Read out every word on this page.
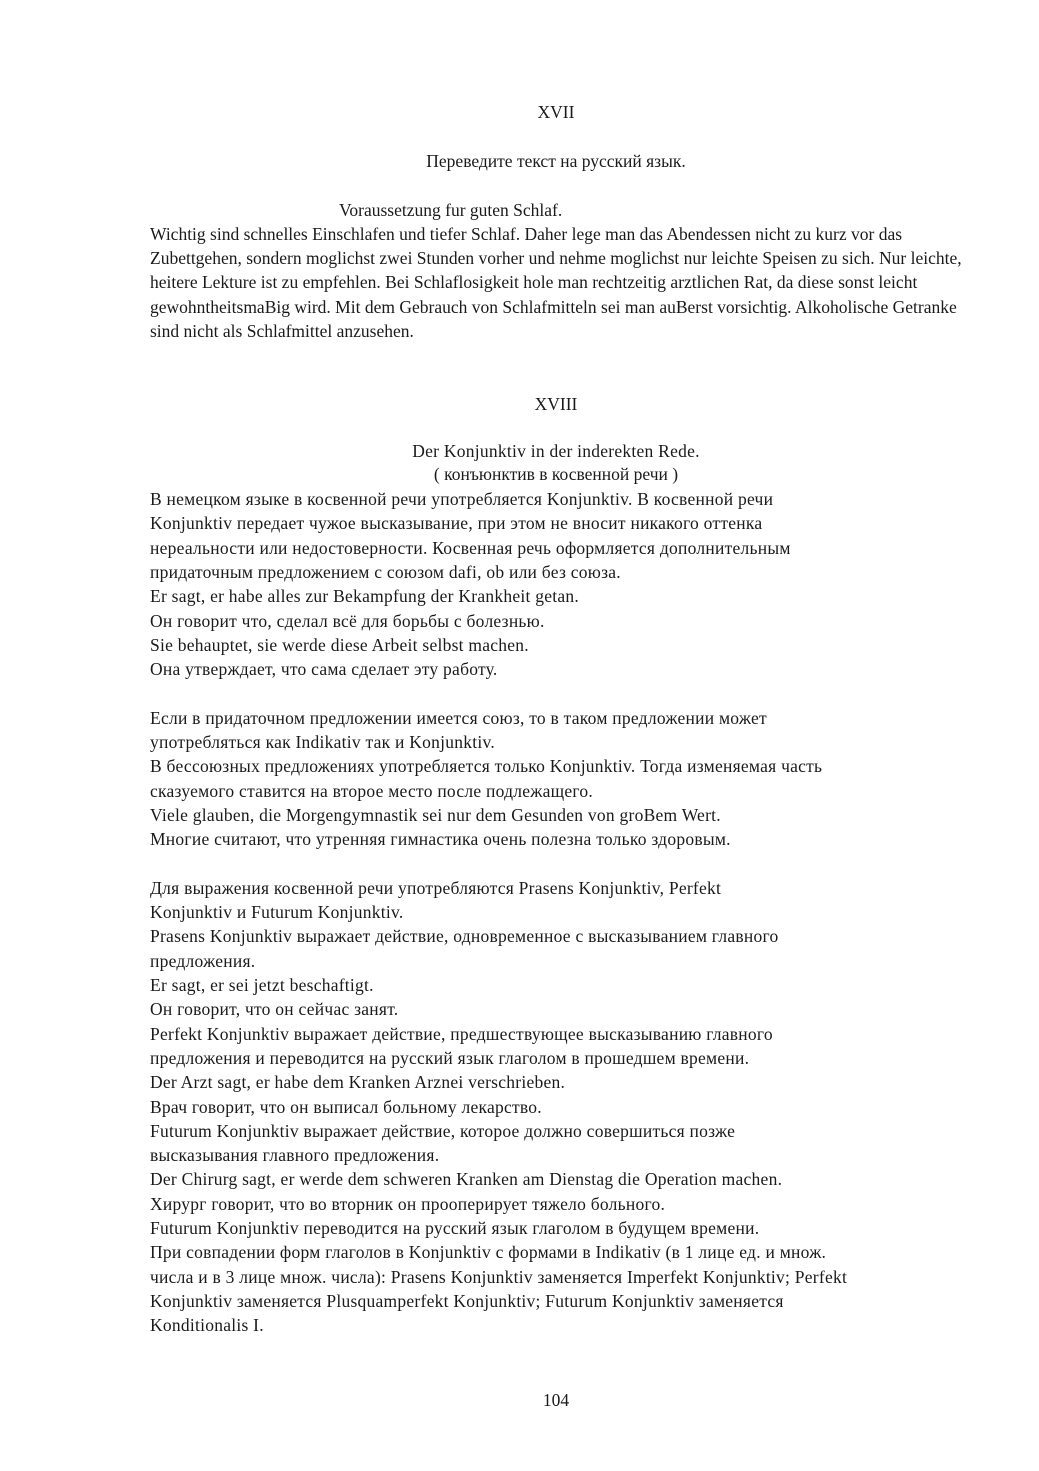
XVII
Переведите текст на русский язык.
Voraussetzung fur guten Schlaf.
Wichtig sind schnelles Einschlafen und tiefer Schlaf. Daher lege man das Abendessen nicht zu kurz vor das Zubettgehen, sondern moglichst zwei Stunden vorher und nehme moglichst nur leichte Speisen zu sich. Nur leichte, heitere Lekture ist zu empfehlen. Bei Schlaflosigkeit hole man rechtzeitig arztlichen Rat, da diese sonst leicht gewohntheitsmaBig wird. Mit dem Gebrauch von Schlafmitteln sei man auBerst vorsichtig. Alkoholische Getranke sind nicht als Schlafmittel anzusehen.
XVIII
Der Konjunktiv in der inderekten Rede.
( конъюнктив в косвенной речи )
В немецком языке в косвенной речи употребляется Konjunktiv. В косвенной речи
Konjunktiv передает чужое высказывание, при этом не вносит никакого оттенка
нереальности или недостоверности. Косвенная речь оформляется дополнительным
придаточным предложением с союзом dafi, ob или без союза.
Er sagt, er habe alles zur Bekampfung der Krankheit getan.
Он говорит что, сделал всё для борьбы с болезнью.
Sie behauptet, sie werde diese Arbeit selbst machen.
Она утверждает, что сама сделает эту работу.
Если в придаточном предложении имеется союз, то в таком предложении может
употребляться как Indikativ так и Konjunktiv.
В бессоюзных предложениях употребляется только Konjunktiv. Тогда изменяемая часть
сказуемого ставится на второе место после подлежащего.
Viele glauben, die Morgengymnastik sei nur dem Gesunden von groBem Wert.
Многие считают, что утренняя гимнастика очень полезна только здоровым.
Для выражения косвенной речи употребляются Prasens Konjunktiv, Perfekt
Konjunktiv и Futurum Konjunktiv.
Prasens Konjunktiv выражает действие, одновременное с высказыванием главного
предложения.
Er sagt, er sei jetzt beschaftigt.
Он говорит, что он сейчас занят.
Perfekt Konjunktiv выражает действие, предшествующее высказыванию главного
предложения и переводится на русский язык глаголом в прошедшем времени.
Der Arzt sagt, er habe dem Kranken Arznei verschrieben.
Врач говорит, что он выписал больному лекарство.
Futurum Konjunktiv выражает действие, которое должно совершиться позже
высказывания главного предложения.
Der Chirurg sagt, er werde dem schweren Kranken am Dienstag die Operation machen.
Хирург говорит, что во вторник он прооперирует тяжело больного.
Futurum Konjunktiv переводится на русский язык глаголом в будущем времени.
При совпадении форм глаголов в Konjunktiv с формами в Indikativ (в 1 лице ед. и множ.
числа и в 3 лице множ. числа): Prasens Konjunktiv заменяется Imperfekt Konjunktiv; Perfekt
Konjunktiv заменяется Plusquamperfekt Konjunktiv; Futurum Konjunktiv заменяется
Konditionalis I.
104
